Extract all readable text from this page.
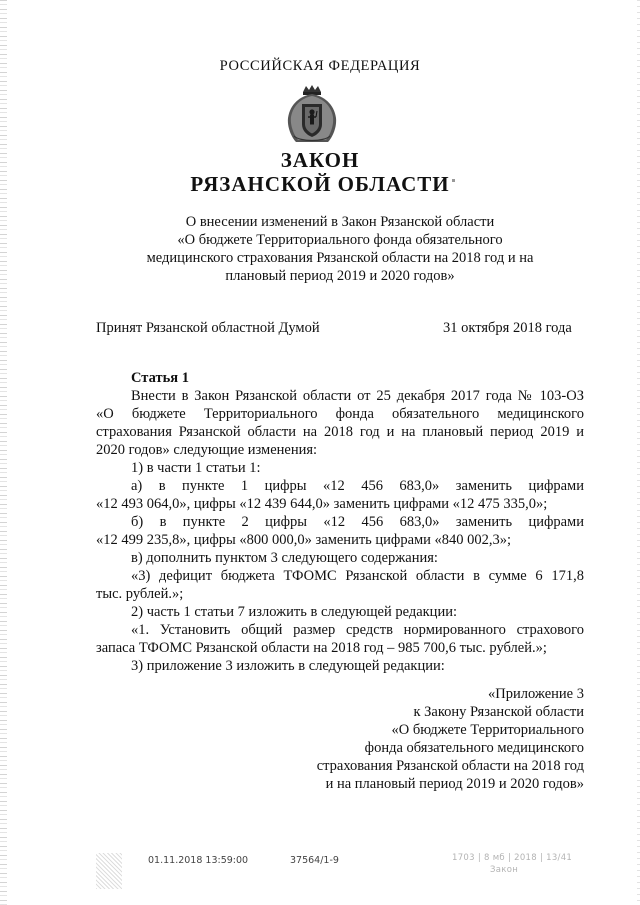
РОССИЙСКАЯ ФЕДЕРАЦИЯ
ЗАКОН
РЯЗАНСКОЙ ОБЛАСТИ
О внесении изменений в Закон Рязанской области
«О бюджете Территориального фонда обязательного
медицинского страхования Рязанской области на 2018 год и на
плановый период 2019 и 2020 годов»
Принят Рязанской областной Думой	31 октября 2018 года
Статья 1
Внести в Закон Рязанской области от 25 декабря 2017 года № 103-ОЗ
«О бюджете Территориального фонда обязательного медицинского
страхования Рязанской области на 2018 год и на плановый период 2019 и
2020 годов» следующие изменения:
1) в части 1 статьи 1:
а) в пункте 1 цифры «12 456 683,0» заменить цифрами
«12 493 064,0», цифры «12 439 644,0» заменить цифрами «12 475 335,0»;
б) в пункте 2 цифры «12 456 683,0» заменить цифрами
«12 499 235,8», цифры «800 000,0» заменить цифрами «840 002,3»;
в) дополнить пунктом 3 следующего содержания:
«3) дефицит бюджета ТФОМС Рязанской области в сумме 6 171,8
тыс. рублей.»;
2) часть 1 статьи 7 изложить в следующей редакции:
«1. Установить общий размер средств нормированного страхового
запаса ТФОМС Рязанской области на 2018 год – 985 700,6 тыс. рублей.»;
3) приложение 3 изложить в следующей редакции:
«Приложение 3
к Закону Рязанской области
«О бюджете Территориального
фонда обязательного медицинского
страхования Рязанской области на 2018 год
и на плановый период 2019 и 2020 годов»
01.11.2018 13:59:00	37564/1-9	1703 | 8 мб | 2018 | 13/41
Закон
